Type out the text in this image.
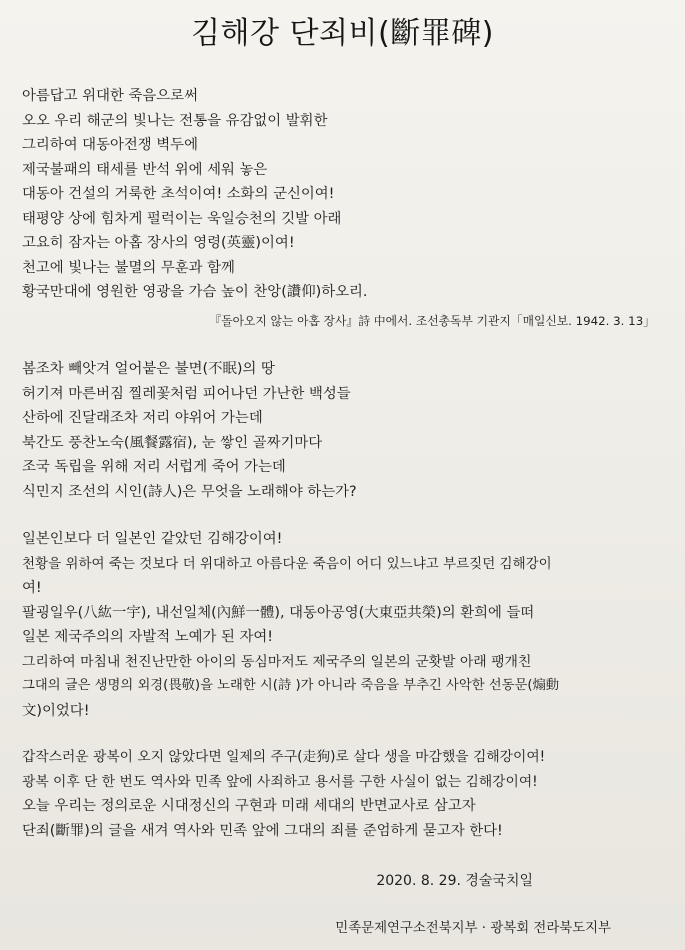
김해강 단죄비(斷罪碑)
아름답고 위대한 죽음으로써
오오 우리 해군의 빛나는 전통을 유감없이 발휘한
그리하여 대동아전쟁 벽두에
제국불패의 태세를 반석 위에 세워 놓은
대동아 건설의 거룩한 초석이여! 소화의 군신이여!
태평양 상에 힘차게 펄럭이는 욱일승천의 깃발 아래
고요히 잠자는 아홉 장사의 영령(英靈)이여!
천고에 빛나는 불멸의 무훈과 함께
황국만대에 영원한 영광을 가슴 높이 찬앙(讚仰)하오리.
『돌아오지 않는 아홉 장사』詩 中에서. 조선총독부 기관지「매일신보. 1942. 3. 13」
봄조차 빼앗겨 얼어붙은 불면(不眠)의 땅
허기져 마른버짐 찔레꽃처럼 피어나던 가난한 백성들
산하에 진달래조차 저리 야위어 가는데
북간도 풍찬노숙(風餐露宿), 눈 쌓인 골짜기마다
조국 독립을 위해 저리 서럽게 죽어 가는데
식민지 조선의 시인(詩人)은 무엇을 노래해야 하는가?
일본인보다 더 일본인 같았던 김해강이여!
천황을 위하여 죽는 것보다 더 위대하고 아름다운 죽음이 어디 있느냐고 부르짖던 김해강이
여!
팔굉일우(八紘一宇), 내선일체(內鮮一體), 대동아공영(大東亞共榮)의 환희에 들떠
일본 제국주의의 자발적 노예가 된 자여!
그리하여 마침내 천진난만한 아이의 동심마저도 제국주의 일본의 군홧발 아래 팽개친
그대의 글은 생명의 외경(畏敬)을 노래한 시(詩 )가 아니라 죽음을 부추긴 사악한 선동문(煽動
文)이었다!
갑작스러운 광복이 오지 않았다면 일제의 주구(走狗)로 살다 생을 마감했을 김해강이여!
광복 이후 단 한 번도 역사와 민족 앞에 사죄하고 용서를 구한 사실이 없는 김해강이여!
오늘 우리는 정의로운 시대정신의 구현과 미래 세대의 반면교사로 삼고자
단죄(斷罪)의 글을 새겨 역사와 민족 앞에 그대의 죄를 준엄하게 묻고자 한다!
2020. 8. 29. 경술국치일
민족문제연구소전북지부 · 광복회 전라북도지부
